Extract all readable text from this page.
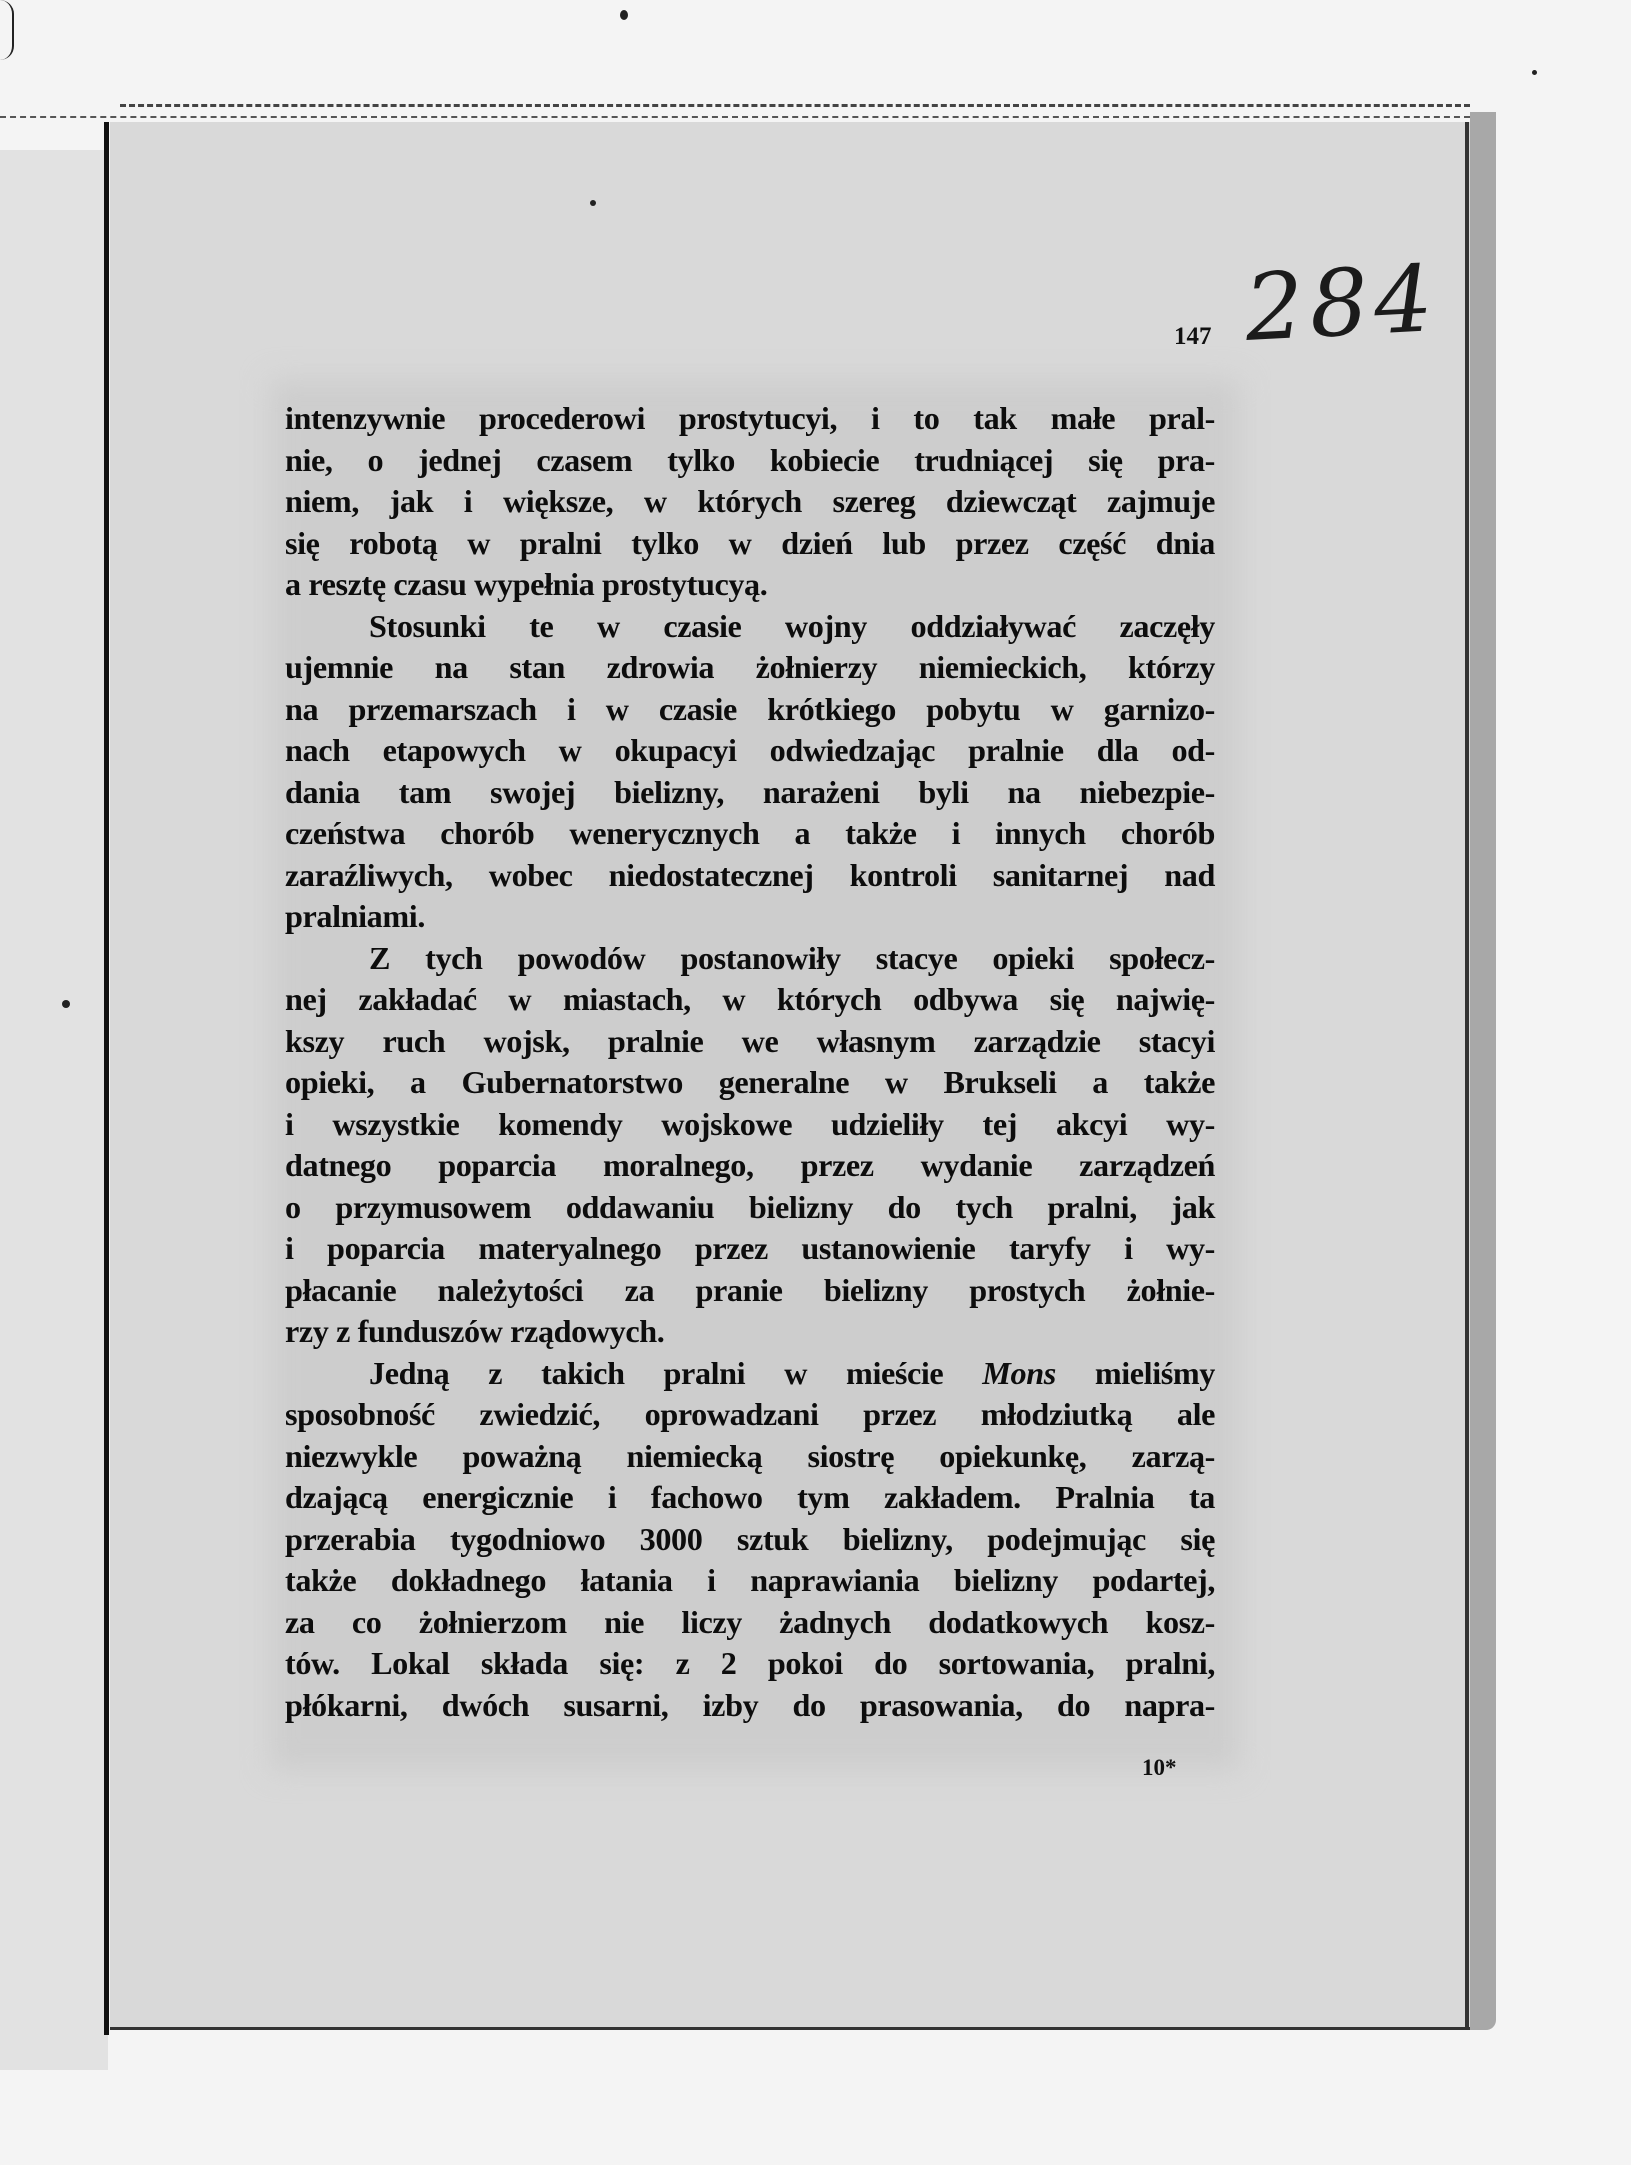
147 284
intenzywnie procederowi prostytucyi, i to tak małe pral-
nie, o jednej czasem tylko kobiecie trudniącej się pra-
niem, jak i większe, w których szereg dziewcząt zajmuje
się robotą w pralni tylko w dzień lub przez część dnia
a resztę czasu wypełnia prostytucyą.
Stosunki te w czasie wojny oddziaływać zaczęły
ujemnie na stan zdrowia żołnierzy niemieckich, którzy
na przemarszach i w czasie krótkiego pobytu w garnizo-
nach etapowych w okupacyi odwiedzając pralnie dla od-
dania tam swojej bielizny, narażeni byli na niebezpie-
czeństwa chorób wenerycznych a także i innych chorób
zaraźliwych, wobec niedostatecznej kontroli sanitarnej nad
pralniami.
Z tych powodów postanowiły stacye opieki społecz-
nej zakładać w miastach, w których odbywa się najwię-
kszy ruch wojsk, pralnie we własnym zarządzie stacyi
opieki, a Gubernatorstwo generalne w Brukseli a także
i wszystkie komendy wojskowe udzieliły tej akcyi wy-
datnego poparcia moralnego, przez wydanie zarządzeń
o przymusowem oddawaniu bielizny do tych pralni, jak
i poparcia materyalnego przez ustanowienie taryfy i wy-
płacanie należytości za pranie bielizny prostych żołnie-
rzy z funduszów rządowych.
Jedną z takich pralni w mieście Mons mieliśmy
sposobność zwiedzić, oprowadzani przez młodziutką ale
niezwykle poważną niemiecką siostrę opiekunkę, zarzą-
dzającą energicznie i fachowo tym zakładem. Pralnia ta
przerabia tygodniowo 3000 sztuk bielizny, podejmując się
także dokładnego łatania i naprawiania bielizny podartej,
za co żołnierzom nie liczy żadnych dodatkowych kosz-
tów. Lokal składa się: z 2 pokoi do sortowania, pralni,
płókarni, dwóch susarni, izby do prasowania, do napra-
10*
